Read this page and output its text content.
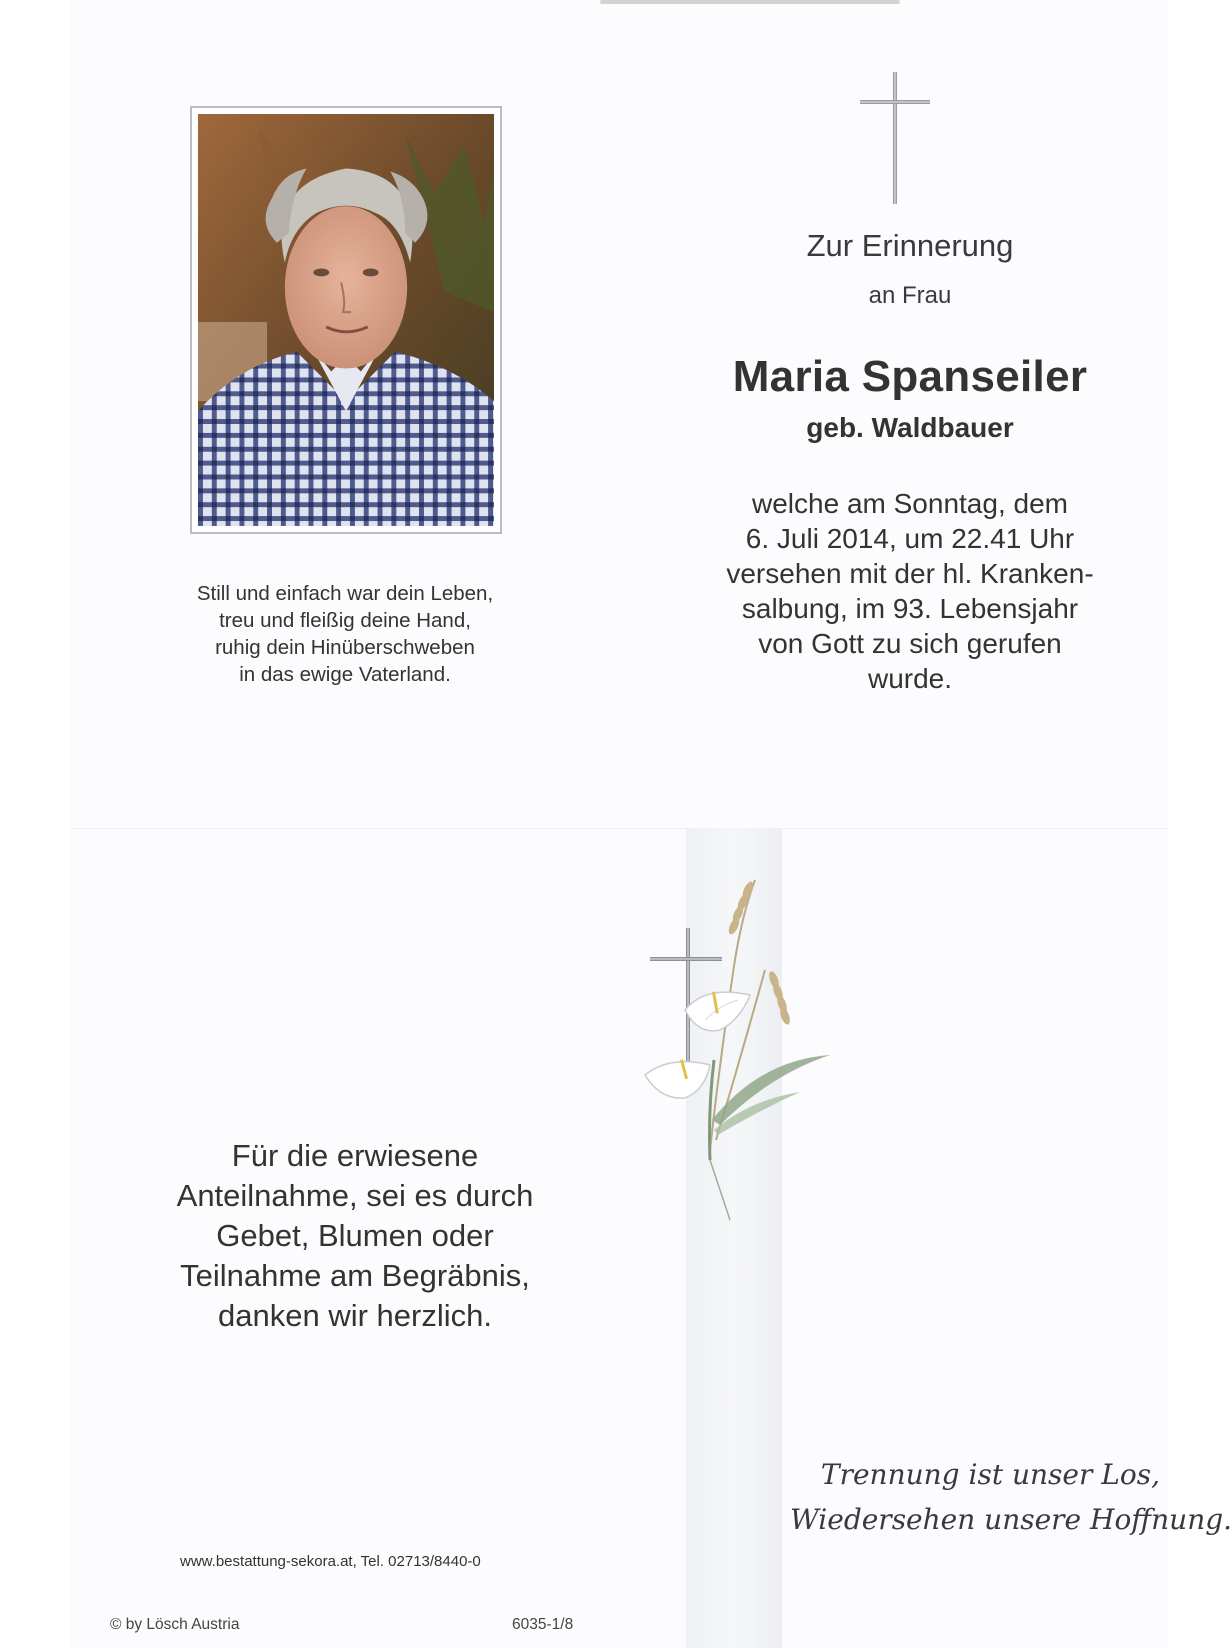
Still und einfach war dein Leben,
treu und fleißig deine Hand,
ruhig dein Hinüberschweben
in das ewige Vaterland.
Zur Erinnerung
an Frau
Maria Spanseiler
geb. Waldbauer
welche am Sonntag, dem
6. Juli 2014, um 22.41 Uhr
versehen mit der hl. Kranken-
salbung, im 93. Lebensjahr
von Gott zu sich gerufen
wurde.
Für die erwiesene
Anteilnahme, sei es durch
Gebet, Blumen oder
Teilnahme am Begräbnis,
danken wir herzlich.
www.bestattung-sekora.at, Tel. 02713/8440-0
© by Lösch Austria	6035-1/8
Trennung ist unser Los,
Wiedersehen unsere Hoffnung.
